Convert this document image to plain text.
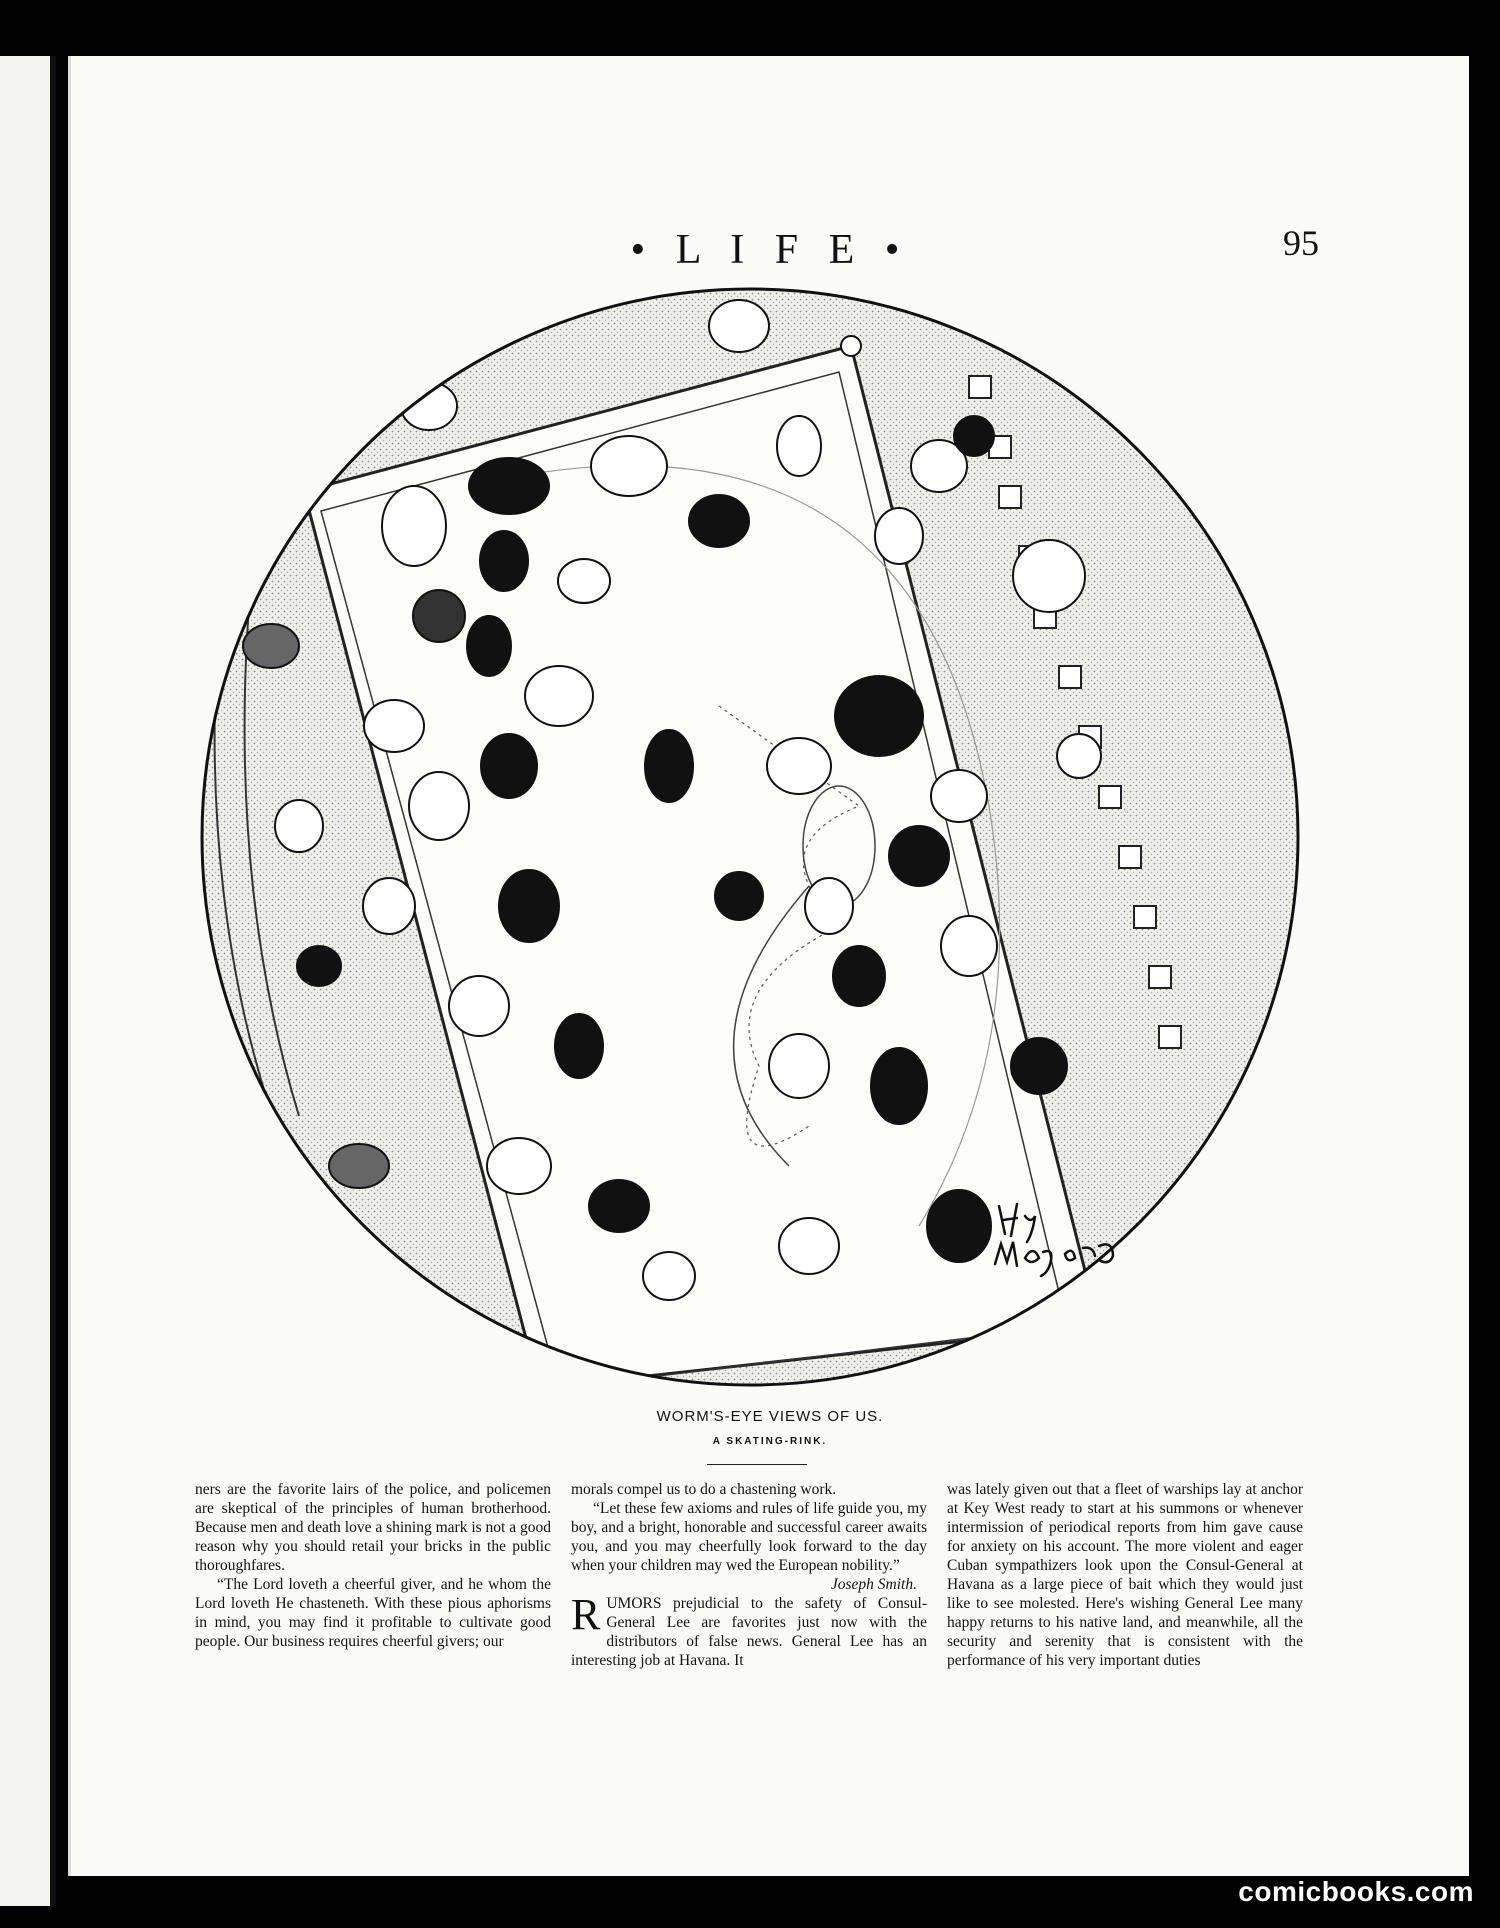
• L I F E •	95
WORM'S-EYE VIEWS OF US.
A SKATING-RINK.

ners are the favorite lairs of the police, and policemen are skeptical of the principles of human brotherhood. Because men and death love a shining mark is not a good reason why you should retail your bricks in the public thoroughfares.

“The Lord loveth a cheerful giver, and he whom the Lord loveth He chasteneth. With these pious aphorisms in mind, you may find it profitable to cultivate good people. Our business requires cheerful givers; our

morals compel us to do a chastening work.

“Let these few axioms and rules of life guide you, my boy, and a bright, honorable and successful career awaits you, and you may cheerfully look forward to the day when your children may wed the European nobility.”
Joseph Smith.

RUMORS prejudicial to the safety of Consul-General Lee are favorites just now with the distributors of false news. General Lee has an interesting job at Havana. It

was lately given out that a fleet of warships lay at anchor at Key West ready to start at his summons or whenever intermission of periodical reports from him gave cause for anxiety on his account. The more violent and eager Cuban sympathizers look upon the Consul-General at Havana as a large piece of bait which they would just like to see molested. Here's wishing General Lee many happy returns to his native land, and meanwhile, all the security and serenity that is consistent with the performance of his very important duties

comicbooks.com
